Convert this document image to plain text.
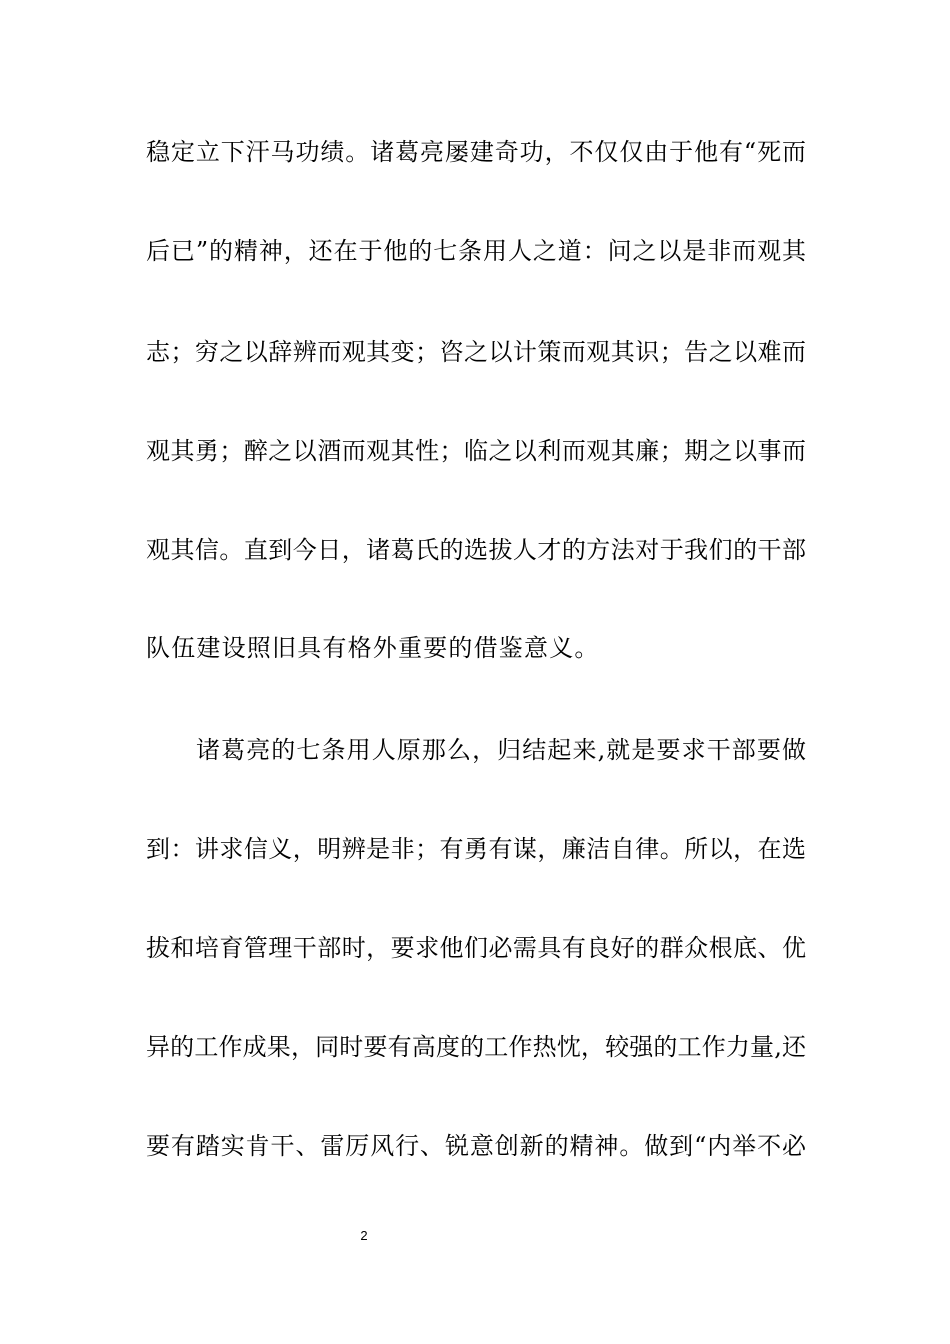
稳定立下汗马功绩。诸葛亮屡建奇功，不仅仅由于他有“死而
后已”的精神，还在于他的七条用人之道：问之以是非而观其
志；穷之以辞辨而观其变；咨之以计策而观其识；告之以难而
观其勇；醉之以酒而观其性；临之以利而观其廉；期之以事而
观其信。直到今日，诸葛氏的选拔人才的方法对于我们的干部
队伍建设照旧具有格外重要的借鉴意义。
诸葛亮的七条用人原那么，归结起来,就是要求干部要做
到：讲求信义，明辨是非；有勇有谋，廉洁自律。所以，在选
拔和培育管理干部时，要求他们必需具有良好的群众根底、优
异的工作成果，同时要有高度的工作热忱，较强的工作力量,还
要有踏实肯干、雷厉风行、锐意创新的精神。做到“内举不必
2
